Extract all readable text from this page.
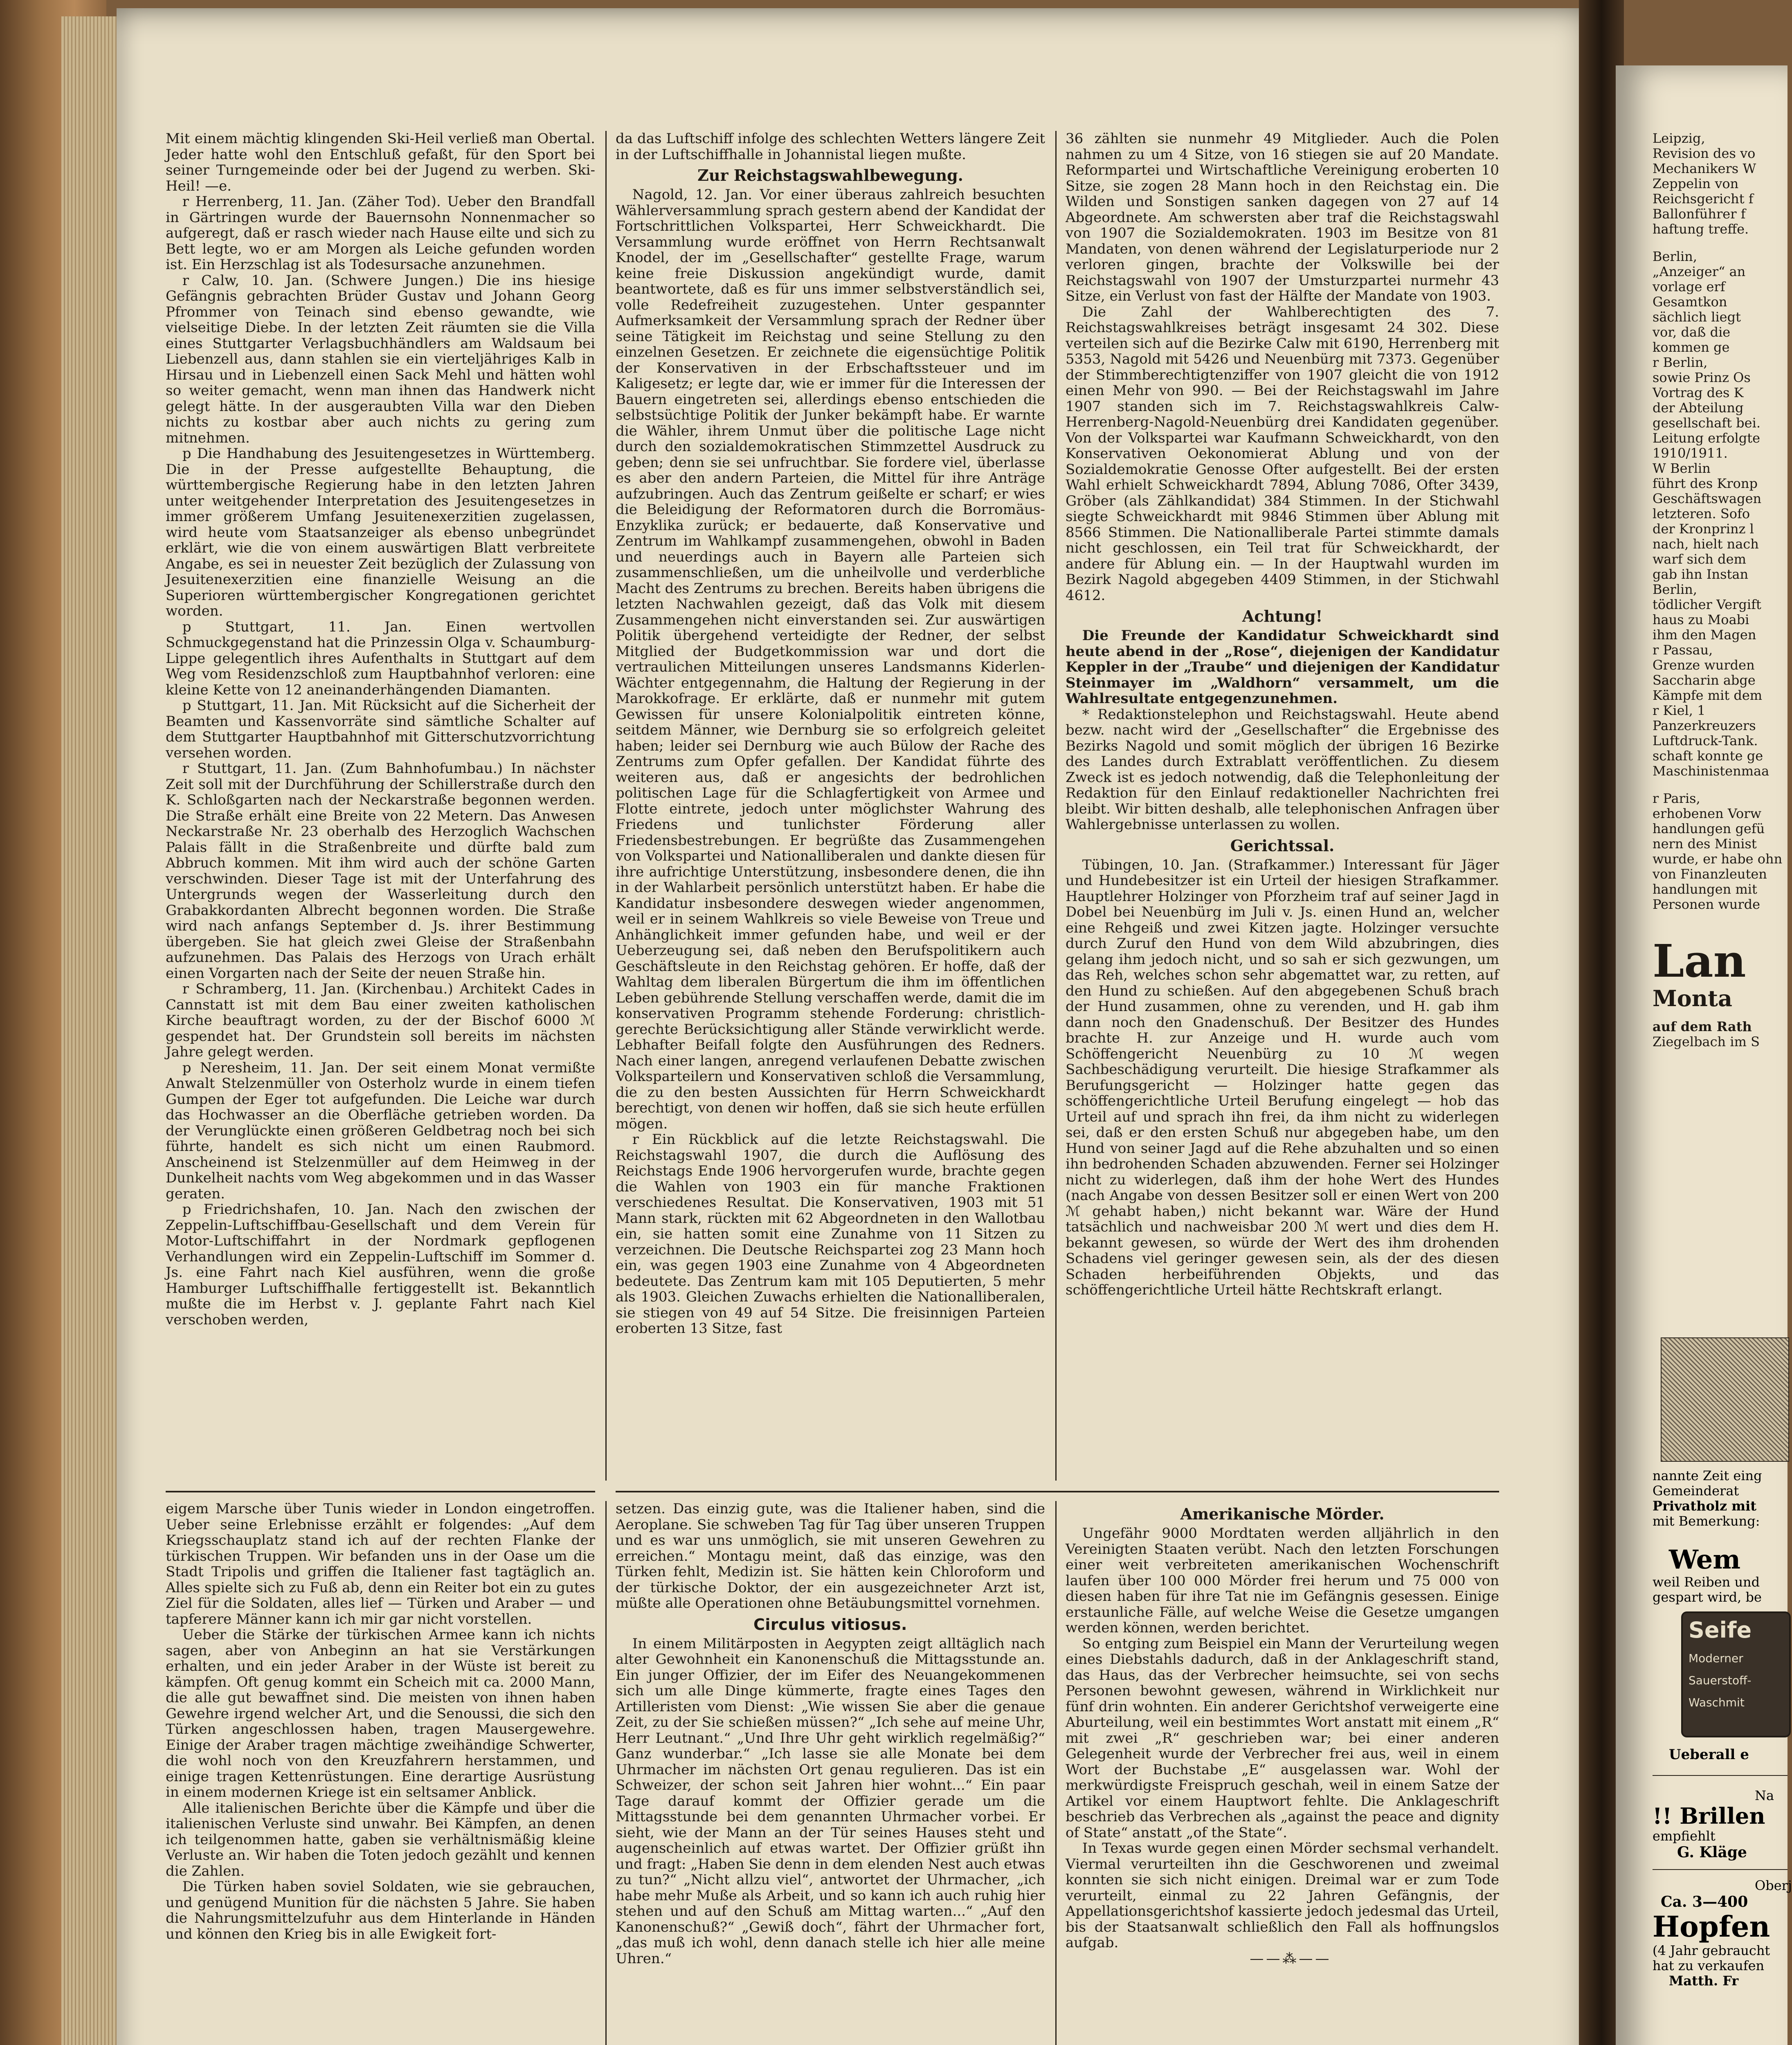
Mit einem mächtig klingenden Ski-Heil verließ man Obertal. Jeder hatte wohl den Entschluß gefaßt, für den Sport bei seiner Turngemeinde oder bei der Jugend zu werben. Ski-Heil! —e.

r Herrenberg, 11. Jan. (Zäher Tod). Ueber den Brandfall in Gärtringen wurde der Bauernsohn Nonnenmacher so aufgeregt, daß er rasch wieder nach Hause eilte und sich zu Bett legte, wo er am Morgen als Leiche gefunden worden ist. Ein Herzschlag ist als Todesursache anzunehmen.

r Calw, 10. Jan. (Schwere Jungen.) Die ins hiesige Gefängnis gebrachten Brüder Gustav und Johann Georg Pfrommer von Teinach sind ebenso gewandte, wie vielseitige Diebe. In der letzten Zeit räumten sie die Villa eines Stuttgarter Verlagsbuchhändlers am Waldsaum bei Liebenzell aus, dann stahlen sie ein vierteljähriges Kalb in Hirsau und in Liebenzell einen Sack Mehl und hätten wohl so weiter gemacht, wenn man ihnen das Handwerk nicht gelegt hätte. In der ausgeraubten Villa war den Dieben nichts zu kostbar aber auch nichts zu gering zum mitnehmen.

p Die Handhabung des Jesuitengesetzes in Württemberg. Die in der Presse aufgestellte Behauptung, die württembergische Regierung habe in den letzten Jahren unter weitgehender Interpretation des Jesuitengesetzes in immer größerem Umfang Jesuitenexerzitien zugelassen, wird heute vom Staatsanzeiger als ebenso unbegründet erklärt, wie die von einem auswärtigen Blatt verbreitete Angabe, es sei in neuester Zeit bezüglich der Zulassung von Jesuitenexerzitien eine finanzielle Weisung an die Superioren württembergischer Kongregationen gerichtet worden.

p Stuttgart, 11. Jan. Einen wertvollen Schmuckgegenstand hat die Prinzessin Olga v. Schaumburg-Lippe gelegentlich ihres Aufenthalts in Stuttgart auf dem Weg vom Residenzschloß zum Hauptbahnhof verloren: eine kleine Kette von 12 aneinanderhängenden Diamanten.

p Stuttgart, 11. Jan. Mit Rücksicht auf die Sicherheit der Beamten und Kassenvorräte sind sämtliche Schalter auf dem Stuttgarter Hauptbahnhof mit Gitterschutzvorrichtung versehen worden.

r Stuttgart, 11. Jan. (Zum Bahnhofumbau.) In nächster Zeit soll mit der Durchführung der Schillerstraße durch den K. Schloßgarten nach der Neckarstraße begonnen werden. Die Straße erhält eine Breite von 22 Metern. Das Anwesen Neckarstraße Nr. 23 oberhalb des Herzoglich Wachschen Palais fällt in die Straßenbreite und dürfte bald zum Abbruch kommen. Mit ihm wird auch der schöne Garten verschwinden. Dieser Tage ist mit der Unterfahrung des Untergrunds wegen der Wasserleitung durch den Grabakkordanten Albrecht begonnen worden. Die Straße wird nach anfangs September d. Js. ihrer Bestimmung übergeben. Sie hat gleich zwei Gleise der Straßenbahn aufzunehmen. Das Palais des Herzogs von Urach erhält einen Vorgarten nach der Seite der neuen Straße hin.

r Schramberg, 11. Jan. (Kirchenbau.) Architekt Cades in Cannstatt ist mit dem Bau einer zweiten katholischen Kirche beauftragt worden, zu der der Bischof 6000 ℳ gespendet hat. Der Grundstein soll bereits im nächsten Jahre gelegt werden.

p Neresheim, 11. Jan. Der seit einem Monat vermißte Anwalt Stelzenmüller von Osterholz wurde in einem tiefen Gumpen der Eger tot aufgefunden. Die Leiche war durch das Hochwasser an die Oberfläche getrieben worden. Da der Verunglückte einen größeren Geldbetrag noch bei sich führte, handelt es sich nicht um einen Raubmord. Anscheinend ist Stelzenmüller auf dem Heimweg in der Dunkelheit nachts vom Weg abgekommen und in das Wasser geraten.

p Friedrichshafen, 10. Jan. Nach den zwischen der Zeppelin-Luftschiffbau-Gesellschaft und dem Verein für Motor-Luftschiffahrt in der Nordmark gepflogenen Verhandlungen wird ein Zeppelin-Luftschiff im Sommer d. Js. eine Fahrt nach Kiel ausführen, wenn die große Hamburger Luftschiffhalle fertiggestellt ist. Bekanntlich mußte die im Herbst v. J. geplante Fahrt nach Kiel verschoben werden,

da das Luftschiff infolge des schlechten Wetters längere Zeit in der Luftschiffhalle in Johannistal liegen mußte.

Zur Reichstagswahlbewegung.

Nagold, 12. Jan. Vor einer überaus zahlreich besuchten Wählerversammlung sprach gestern abend der Kandidat der Fortschrittlichen Volkspartei, Herr Schweickhardt. Die Versammlung wurde eröffnet von Herrn Rechtsanwalt Knodel, der im „Gesellschafter“ gestellte Frage, warum keine freie Diskussion angekündigt wurde, damit beantwortete, daß es für uns immer selbstverständlich sei, volle Redefreiheit zuzugestehen. Unter gespannter Aufmerksamkeit der Versammlung sprach der Redner über seine Tätigkeit im Reichstag und seine Stellung zu den einzelnen Gesetzen. Er zeichnete die eigensüchtige Politik der Konservativen in der Erbschaftssteuer und im Kaligesetz; er legte dar, wie er immer für die Interessen der Bauern eingetreten sei, allerdings ebenso entschieden die selbstsüchtige Politik der Junker bekämpft habe. Er warnte die Wähler, ihrem Unmut über die politische Lage nicht durch den sozialdemokratischen Stimmzettel Ausdruck zu geben; denn sie sei unfruchtbar. Sie fordere viel, überlasse es aber den andern Parteien, die Mittel für ihre Anträge aufzubringen. Auch das Zentrum geißelte er scharf; er wies die Beleidigung der Reformatoren durch die Borromäus-Enzyklika zurück; er bedauerte, daß Konservative und Zentrum im Wahlkampf zusammengehen, obwohl in Baden und neuerdings auch in Bayern alle Parteien sich zusammenschließen, um die unheilvolle und verderbliche Macht des Zentrums zu brechen. Bereits haben übrigens die letzten Nachwahlen gezeigt, daß das Volk mit diesem Zusammengehen nicht einverstanden sei. Zur auswärtigen Politik übergehend verteidigte der Redner, der selbst Mitglied der Budgetkommission war und dort die vertraulichen Mitteilungen unseres Landsmanns Kiderlen-Wächter entgegennahm, die Haltung der Regierung in der Marokkofrage. Er erklärte, daß er nunmehr mit gutem Gewissen für unsere Kolonialpolitik eintreten könne, seitdem Männer, wie Dernburg sie so erfolgreich geleitet haben; leider sei Dernburg wie auch Bülow der Rache des Zentrums zum Opfer gefallen. Der Kandidat führte des weiteren aus, daß er angesichts der bedrohlichen politischen Lage für die Schlagfertigkeit von Armee und Flotte eintrete, jedoch unter möglichster Wahrung des Friedens und tunlichster Förderung aller Friedensbestrebungen. Er begrüßte das Zusammengehen von Volkspartei und Nationalliberalen und dankte diesen für ihre aufrichtige Unterstützung, insbesondere denen, die ihn in der Wahlarbeit persönlich unterstützt haben. Er habe die Kandidatur insbesondere deswegen wieder angenommen, weil er in seinem Wahlkreis so viele Beweise von Treue und Anhänglichkeit immer gefunden habe, und weil er der Ueberzeugung sei, daß neben den Berufspolitikern auch Geschäftsleute in den Reichstag gehören. Er hoffe, daß der Wahltag dem liberalen Bürgertum die ihm im öffentlichen Leben gebührende Stellung verschaffen werde, damit die im konservativen Programm stehende Forderung: christlich-gerechte Berücksichtigung aller Stände verwirklicht werde. Lebhafter Beifall folgte den Ausführungen des Redners. Nach einer langen, anregend verlaufenen Debatte zwischen Volksparteilern und Konservativen schloß die Versammlung, die zu den besten Aussichten für Herrn Schweickhardt berechtigt, von denen wir hoffen, daß sie sich heute erfüllen mögen.

r Ein Rückblick auf die letzte Reichstagswahl. Die Reichstagswahl 1907, die durch die Auflösung des Reichstags Ende 1906 hervorgerufen wurde, brachte gegen die Wahlen von 1903 ein für manche Fraktionen verschiedenes Resultat. Die Konservativen, 1903 mit 51 Mann stark, rückten mit 62 Abgeordneten in den Wallotbau ein, sie hatten somit eine Zunahme von 11 Sitzen zu verzeichnen. Die Deutsche Reichspartei zog 23 Mann hoch ein, was gegen 1903 eine Zunahme von 4 Abgeordneten bedeutete. Das Zentrum kam mit 105 Deputierten, 5 mehr als 1903. Gleichen Zuwachs erhielten die Nationalliberalen, sie stiegen von 49 auf 54 Sitze. Die freisinnigen Parteien eroberten 13 Sitze, fast

36 zählten sie nunmehr 49 Mitglieder. Auch die Polen nahmen zu um 4 Sitze, von 16 stiegen sie auf 20 Mandate. Reformpartei und Wirtschaftliche Vereinigung eroberten 10 Sitze, sie zogen 28 Mann hoch in den Reichstag ein. Die Wilden und Sonstigen sanken dagegen von 27 auf 14 Abgeordnete. Am schwersten aber traf die Reichstagswahl von 1907 die Sozialdemokraten. 1903 im Besitze von 81 Mandaten, von denen während der Legislaturperiode nur 2 verloren gingen, brachte der Volkswille bei der Reichstagswahl von 1907 der Umsturzpartei nurmehr 43 Sitze, ein Verlust von fast der Hälfte der Mandate von 1903.

Die Zahl der Wahlberechtigten des 7. Reichstagswahlkreises beträgt insgesamt 24 302. Diese verteilen sich auf die Bezirke Calw mit 6190, Herrenberg mit 5353, Nagold mit 5426 und Neuenbürg mit 7373. Gegenüber der Stimmberechtigtenziffer von 1907 gleicht die von 1912 einen Mehr von 990. — Bei der Reichstagswahl im Jahre 1907 standen sich im 7. Reichstagswahlkreis Calw-Herrenberg-Nagold-Neuenbürg drei Kandidaten gegenüber. Von der Volkspartei war Kaufmann Schweickhardt, von den Konservativen Oekonomierat Ablung und von der Sozialdemokratie Genosse Ofter aufgestellt. Bei der ersten Wahl erhielt Schweickhardt 7894, Ablung 7086, Ofter 3439, Gröber (als Zählkandidat) 384 Stimmen. In der Stichwahl siegte Schweickhardt mit 9846 Stimmen über Ablung mit 8566 Stimmen. Die Nationalliberale Partei stimmte damals nicht geschlossen, ein Teil trat für Schweickhardt, der andere für Ablung ein. — In der Hauptwahl wurden im Bezirk Nagold abgegeben 4409 Stimmen, in der Stichwahl 4612.

Achtung!

Die Freunde der Kandidatur Schweickhardt sind heute abend in der „Rose“, diejenigen der Kandidatur Keppler in der „Traube“ und diejenigen der Kandidatur Steinmayer im „Waldhorn“ versammelt, um die Wahlresultate entgegenzunehmen.

* Redaktionstelephon und Reichstagswahl. Heute abend bezw. nacht wird der „Gesellschafter“ die Ergebnisse des Bezirks Nagold und somit möglich der übrigen 16 Bezirke des Landes durch Extrablatt veröffentlichen. Zu diesem Zweck ist es jedoch notwendig, daß die Telephonleitung der Redaktion für den Einlauf redaktioneller Nachrichten frei bleibt. Wir bitten deshalb, alle telephonischen Anfragen über Wahlergebnisse unterlassen zu wollen.

Gerichtssal.

Tübingen, 10. Jan. (Strafkammer.) Interessant für Jäger und Hundebesitzer ist ein Urteil der hiesigen Strafkammer. Hauptlehrer Holzinger von Pforzheim traf auf seiner Jagd in Dobel bei Neuenbürg im Juli v. Js. einen Hund an, welcher eine Rehgeiß und zwei Kitzen jagte. Holzinger versuchte durch Zuruf den Hund von dem Wild abzubringen, dies gelang ihm jedoch nicht, und so sah er sich gezwungen, um das Reh, welches schon sehr abgemattet war, zu retten, auf den Hund zu schießen. Auf den abgegebenen Schuß brach der Hund zusammen, ohne zu verenden, und H. gab ihm dann noch den Gnadenschuß. Der Besitzer des Hundes brachte H. zur Anzeige und H. wurde auch vom Schöffengericht Neuenbürg zu 10 ℳ wegen Sachbeschädigung verurteilt. Die hiesige Strafkammer als Berufungsgericht — Holzinger hatte gegen das schöffengerichtliche Urteil Berufung eingelegt — hob das Urteil auf und sprach ihn frei, da ihm nicht zu widerlegen sei, daß er den ersten Schuß nur abgegeben habe, um den Hund von seiner Jagd auf die Rehe abzuhalten und so einen ihn bedrohenden Schaden abzuwenden. Ferner sei Holzinger nicht zu widerlegen, daß ihm der hohe Wert des Hundes (nach Angabe von dessen Besitzer soll er einen Wert von 200 ℳ gehabt haben,) nicht bekannt war. Wäre der Hund tatsächlich und nachweisbar 200 ℳ wert und dies dem H. bekannt gewesen, so würde der Wert des ihm drohenden Schadens viel geringer gewesen sein, als der des diesen Schaden herbeiführenden Objekts, und das schöffengerichtliche Urteil hätte Rechtskraft erlangt.

eigem Marsche über Tunis wieder in London eingetroffen. Ueber seine Erlebnisse erzählt er folgendes: „Auf dem Kriegsschauplatz stand ich auf der rechten Flanke der türkischen Truppen. Wir befanden uns in der Oase um die Stadt Tripolis und griffen die Italiener fast tagtäglich an. Alles spielte sich zu Fuß ab, denn ein Reiter bot ein zu gutes Ziel für die Soldaten, alles lief — Türken und Araber — und tapferere Männer kann ich mir gar nicht vorstellen.

Ueber die Stärke der türkischen Armee kann ich nichts sagen, aber von Anbeginn an hat sie Verstärkungen erhalten, und ein jeder Araber in der Wüste ist bereit zu kämpfen. Oft genug kommt ein Scheich mit ca. 2000 Mann, die alle gut bewaffnet sind. Die meisten von ihnen haben Gewehre irgend welcher Art, und die Senoussi, die sich den Türken angeschlossen haben, tragen Mausergewehre. Einige der Araber tragen mächtige zweihändige Schwerter, die wohl noch von den Kreuzfahrern herstammen, und einige tragen Kettenrüstungen. Eine derartige Ausrüstung in einem modernen Kriege ist ein seltsamer Anblick.

Alle italienischen Berichte über die Kämpfe und über die italienischen Verluste sind unwahr. Bei Kämpfen, an denen ich teilgenommen hatte, gaben sie verhältnismäßig kleine Verluste an. Wir haben die Toten jedoch gezählt und kennen die Zahlen.

Die Türken haben soviel Soldaten, wie sie gebrauchen, und genügend Munition für die nächsten 5 Jahre. Sie haben die Nahrungsmittelzufuhr aus dem Hinterlande in Händen und können den Krieg bis in alle Ewigkeit fort-

setzen. Das einzig gute, was die Italiener haben, sind die Aeroplane. Sie schweben Tag für Tag über unseren Truppen und es war uns unmöglich, sie mit unseren Gewehren zu erreichen.“ Montagu meint, daß das einzige, was den Türken fehlt, Medizin ist. Sie hätten kein Chloroform und der türkische Doktor, der ein ausgezeichneter Arzt ist, müßte alle Operationen ohne Betäubungsmittel vornehmen.

Circulus vitiosus.

In einem Militärposten in Aegypten zeigt alltäglich nach alter Gewohnheit ein Kanonenschuß die Mittagsstunde an. Ein junger Offizier, der im Eifer des Neuangekommenen sich um alle Dinge kümmerte, fragte eines Tages den Artilleristen vom Dienst: „Wie wissen Sie aber die genaue Zeit, zu der Sie schießen müssen?“ „Ich sehe auf meine Uhr, Herr Leutnant.“ „Und Ihre Uhr geht wirklich regelmäßig?“ Ganz wunderbar.“ „Ich lasse sie alle Monate bei dem Uhrmacher im nächsten Ort genau regulieren. Das ist ein Schweizer, der schon seit Jahren hier wohnt...“ Ein paar Tage darauf kommt der Offizier gerade um die Mittagsstunde bei dem genannten Uhrmacher vorbei. Er sieht, wie der Mann an der Tür seines Hauses steht und augenscheinlich auf etwas wartet. Der Offizier grüßt ihn und fragt: „Haben Sie denn in dem elenden Nest auch etwas zu tun?“ „Nicht allzu viel“, antwortet der Uhrmacher, „ich habe mehr Muße als Arbeit, und so kann ich auch ruhig hier stehen und auf den Schuß am Mittag warten...“ „Auf den Kanonenschuß?“ „Gewiß doch“, fährt der Uhrmacher fort, „das muß ich wohl, denn danach stelle ich hier alle meine Uhren.“

Amerikanische Mörder.

Ungefähr 9000 Mordtaten werden alljährlich in den Vereinigten Staaten verübt. Nach den letzten Forschungen einer weit verbreiteten amerikanischen Wochenschrift laufen über 100 000 Mörder frei herum und 75 000 von diesen haben für ihre Tat nie im Gefängnis gesessen. Einige erstaunliche Fälle, auf welche Weise die Gesetze umgangen werden können, werden berichtet.

So entging zum Beispiel ein Mann der Verurteilung wegen eines Diebstahls dadurch, daß in der Anklageschrift stand, das Haus, das der Verbrecher heimsuchte, sei von sechs Personen bewohnt gewesen, während in Wirklichkeit nur fünf drin wohnten. Ein anderer Gerichtshof verweigerte eine Aburteilung, weil ein bestimmtes Wort anstatt mit einem „R“ mit zwei „R“ geschrieben war; bei einer anderen Gelegenheit wurde der Verbrecher frei aus, weil in einem Wort der Buchstabe „E“ ausgelassen war. Wohl der merkwürdigste Freispruch geschah, weil in einem Satze der Artikel vor einem Hauptwort fehlte. Die Anklageschrift beschrieb das Verbrechen als „against the peace and dignity of State“ anstatt „of the State“.

In Texas wurde gegen einen Mörder sechsmal verhandelt. Viermal verurteilten ihn die Geschworenen und zweimal konnten sie sich nicht einigen. Dreimal war er zum Tode verurteilt, einmal zu 22 Jahren Gefängnis, der Appellationsgerichtshof kassierte jedoch jedesmal das Urteil, bis der Staatsanwalt schließlich den Fall als hoffnungslos aufgab.

——⁂——

Leipzig,

Revision des vo

Mechanikers W

Zeppelin von

Reichsgericht f

Ballonführer f

haftung treffe.

Berlin,

„Anzeiger“ an

vorlage erf

Gesamtkon

sächlich liegt

vor, daß die

kommen ge

r Berlin,

sowie Prinz Os

Vortrag des K

der Abteilung

gesellschaft bei.

Leitung erfolgte

1910/1911.

W Berlin

führt des Kronp

Geschäftswagen

letzteren. Sofo

der Kronprinz l

nach, hielt nach

warf sich dem

gab ihn Instan

Berlin,

tödlicher Vergift

haus zu Moabi

ihm den Magen

r Passau,

Grenze wurden

Saccharin abge

Kämpfe mit dem

r Kiel, 1

Panzerkreuzers

Luftdruck-Tank.

schaft konnte ge

Maschinistenmaa

r Paris,

erhobenen Vorw

handlungen gefü

nern des Minist

wurde, er habe ohn

von Finanzleuten

handlungen mit

Personen wurde

Lan

Monta

auf dem Rath

Ziegelbach im S

nannte Zeit eing

Gemeinderat

Privatholz mit

mit Bemerkung:

Wem

weil Reiben und

gespart wird, be

Seife
Moderner
Sauerstoff-
Waschmit

Ueberall e

Na

!! Brillen

empfiehlt

G. Kläge

Oberj

Ca. 3—400

Hopfen

(4 Jahr gebraucht

hat zu verkaufen

Matth. Fr
